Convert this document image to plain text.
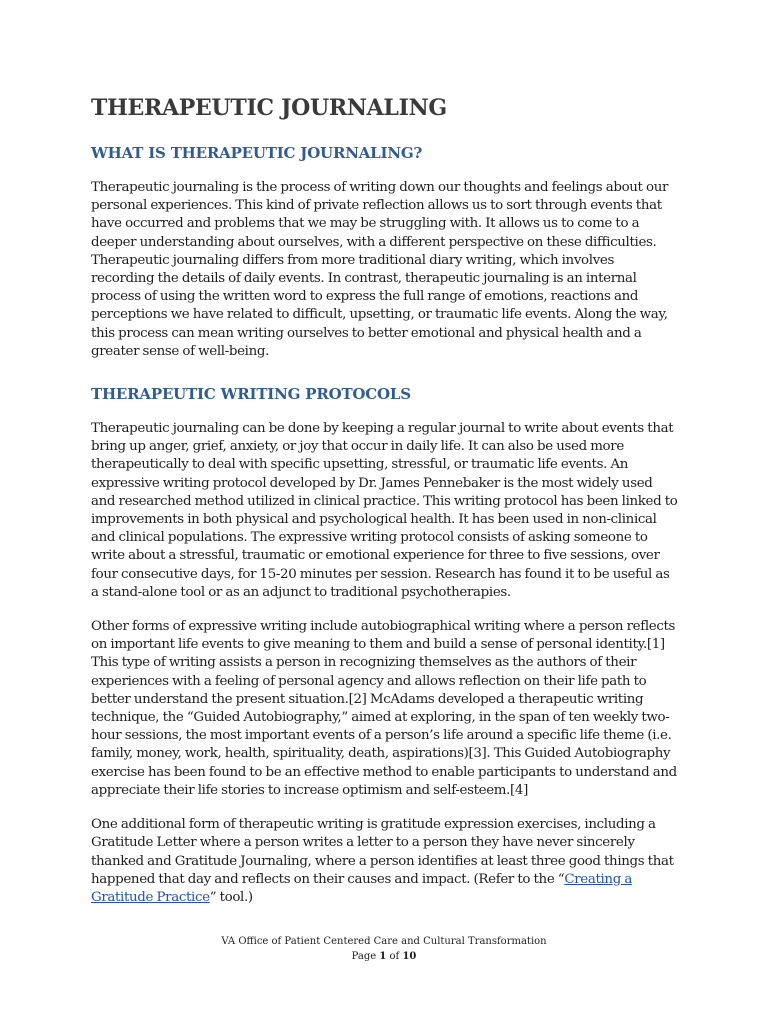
THERAPEUTIC JOURNALING
WHAT IS THERAPEUTIC JOURNALING?

Therapeutic journaling is the process of writing down our thoughts and feelings about our personal experiences. This kind of private reflection allows us to sort through events that have occurred and problems that we may be struggling with. It allows us to come to a deeper understanding about ourselves, with a different perspective on these difficulties. Therapeutic journaling differs from more traditional diary writing, which involves recording the details of daily events. In contrast, therapeutic journaling is an internal process of using the written word to express the full range of emotions, reactions and perceptions we have related to difficult, upsetting, or traumatic life events. Along the way, this process can mean writing ourselves to better emotional and physical health and a greater sense of well-being.

THERAPEUTIC WRITING PROTOCOLS

Therapeutic journaling can be done by keeping a regular journal to write about events that bring up anger, grief, anxiety, or joy that occur in daily life. It can also be used more therapeutically to deal with specific upsetting, stressful, or traumatic life events. An expressive writing protocol developed by Dr. James Pennebaker is the most widely used and researched method utilized in clinical practice. This writing protocol has been linked to improvements in both physical and psychological health. It has been used in non-clinical and clinical populations. The expressive writing protocol consists of asking someone to write about a stressful, traumatic or emotional experience for three to five sessions, over four consecutive days, for 15-20 minutes per session. Research has found it to be useful as a stand-alone tool or as an adjunct to traditional psychotherapies.

Other forms of expressive writing include autobiographical writing where a person reflects on important life events to give meaning to them and build a sense of personal identity.[1] This type of writing assists a person in recognizing themselves as the authors of their experiences with a feeling of personal agency and allows reflection on their life path to better understand the present situation.[2] McAdams developed a therapeutic writing technique, the “Guided Autobiography,” aimed at exploring, in the span of ten weekly two-hour sessions, the most important events of a person’s life around a specific life theme (i.e. family, money, work, health, spirituality, death, aspirations)[3]. This Guided Autobiography exercise has been found to be an effective method to enable participants to understand and appreciate their life stories to increase optimism and self-esteem.[4]

One additional form of therapeutic writing is gratitude expression exercises, including a Gratitude Letter where a person writes a letter to a person they have never sincerely thanked and Gratitude Journaling, where a person identifies at least three good things that happened that day and reflects on their causes and impact. (Refer to the “Creating a Gratitude Practice” tool.)

VA Office of Patient Centered Care and Cultural Transformation
Page 1 of 10
